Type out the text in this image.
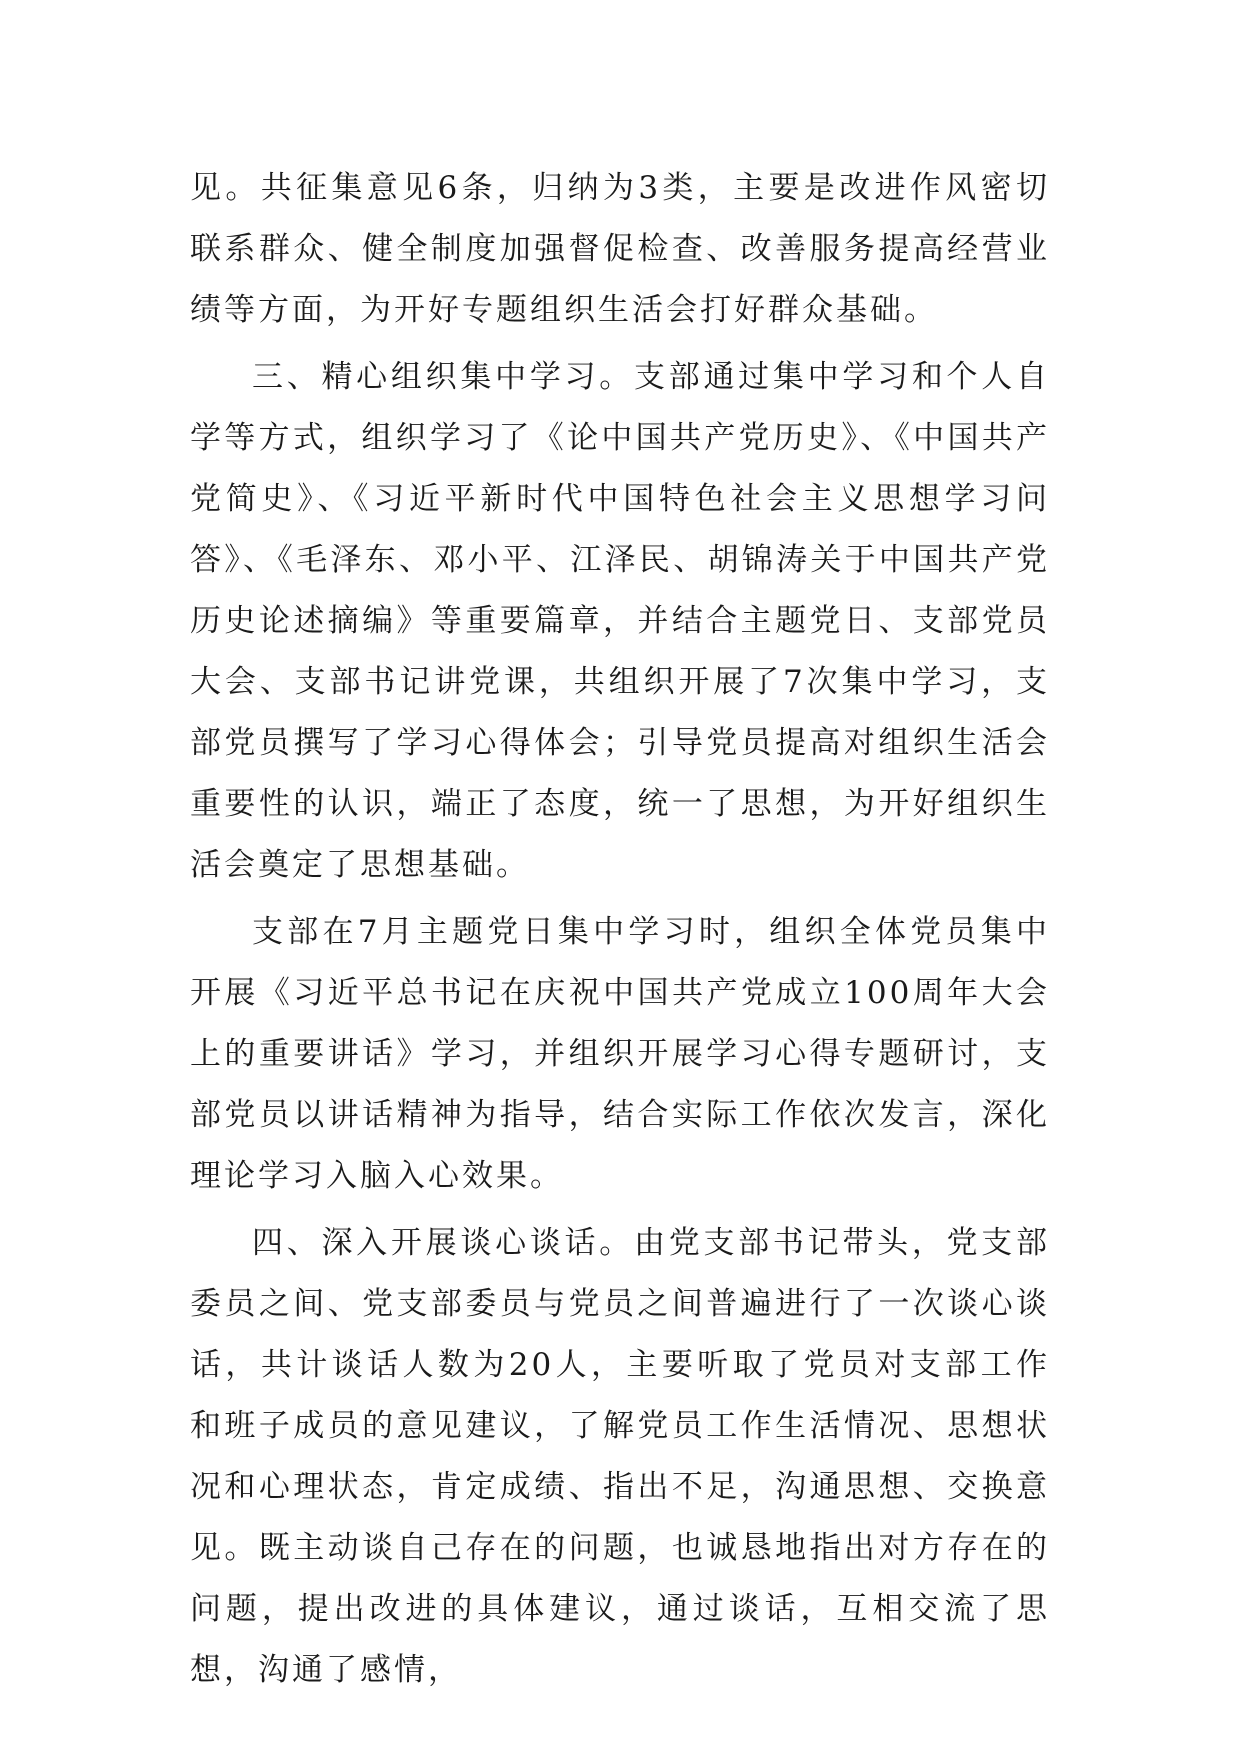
见。共征集意见6条，归纳为3类，主要是改进作风密切联系群众、健全制度加强督促检查、改善服务提高经营业绩等方面，为开好专题组织生活会打好群众基础。

三、精心组织集中学习。支部通过集中学习和个人自学等方式，组织学习了《论中国共产党历史》、《中国共产党简史》、《习近平新时代中国特色社会主义思想学习问答》、《毛泽东、邓小平、江泽民、胡锦涛关于中国共产党历史论述摘编》等重要篇章，并结合主题党日、支部党员大会、支部书记讲党课，共组织开展了7次集中学习，支部党员撰写了学习心得体会；引导党员提高对组织生活会重要性的认识，端正了态度，统一了思想，为开好组织生活会奠定了思想基础。

支部在7月主题党日集中学习时，组织全体党员集中开展《习近平总书记在庆祝中国共产党成立100周年大会上的重要讲话》学习，并组织开展学习心得专题研讨，支部党员以讲话精神为指导，结合实际工作依次发言，深化理论学习入脑入心效果。

四、深入开展谈心谈话。由党支部书记带头，党支部委员之间、党支部委员与党员之间普遍进行了一次谈心谈话，共计谈话人数为20人，主要听取了党员对支部工作和班子成员的意见建议，了解党员工作生活情况、思想状况和心理状态，肯定成绩、指出不足，沟通思想、交换意见。既主动谈自己存在的问题，也诚恳地指出对方存在的问题，提出改进的具体建议，通过谈话，互相交流了思想，沟通了感情，
